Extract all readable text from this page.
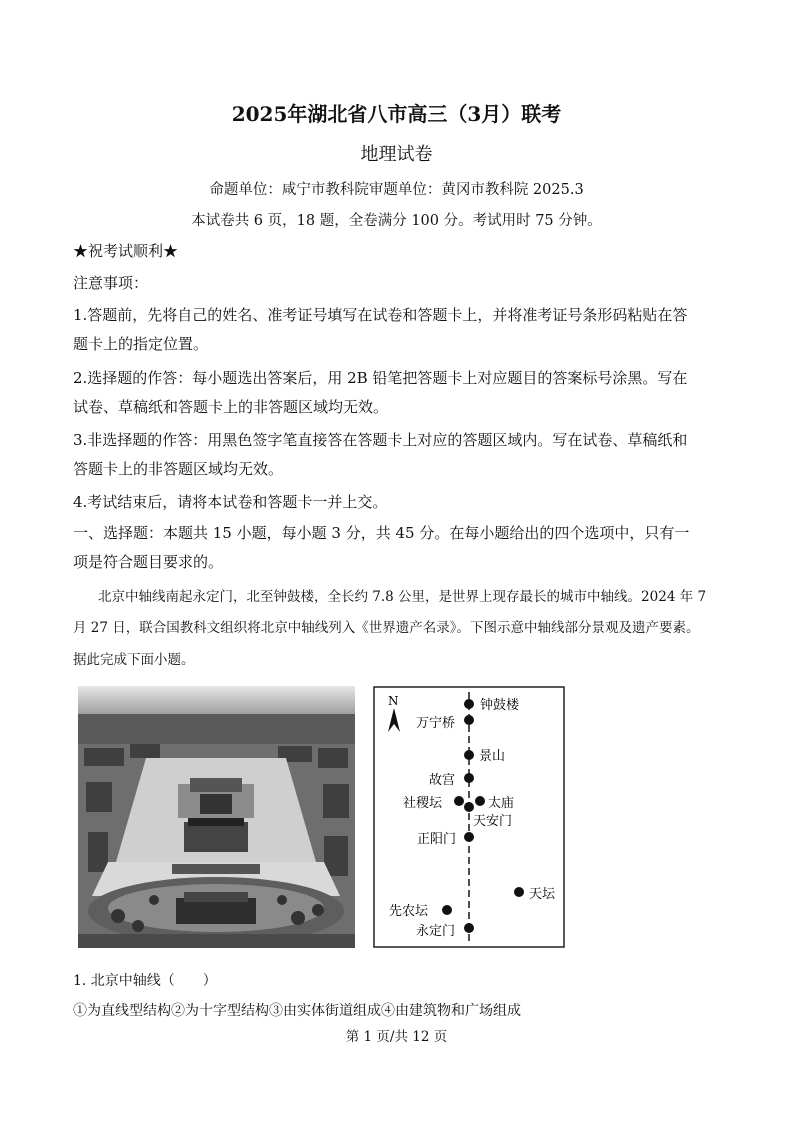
2025年湖北省八市高三（3月）联考
地理试卷
命题单位：咸宁市教科院审题单位：黄冈市教科院 2025.3
本试卷共 6 页，18 题，全卷满分 100 分。考试用时 75 分钟。
★祝考试顺利★
注意事项：
1.答题前，先将自己的姓名、准考证号填写在试卷和答题卡上，并将准考证号条形码粘贴在答
题卡上的指定位置。
2.选择题的作答：每小题选出答案后，用 2B 铅笔把答题卡上对应题目的答案标号涂黑。写在
试卷、草稿纸和答题卡上的非答题区域均无效。
3.非选择题的作答：用黑色签字笔直接答在答题卡上对应的答题区域内。写在试卷、草稿纸和
答题卡上的非答题区域均无效。
4.考试结束后，请将本试卷和答题卡一并上交。
一、选择题：本题共 15 小题，每小题 3 分，共 45 分。在每小题给出的四个选项中，只有一
项是符合题目要求的。
北京中轴线南起永定门，北至钟鼓楼，全长约 7.8 公里，是世界上现存最长的城市中轴线。2024 年 7
月 27 日，联合国教科文组织将北京中轴线列入《世界遗产名录》。下图示意中轴线部分景观及遗产要素。
据此完成下面小题。
N	钟鼓楼
万宁桥
景山
故宫
社稷坛	太庙
天安门
正阳门
天坛
先农坛
永定门
1. 北京中轴线（　　）
①为直线型结构②为十字型结构③由实体街道组成④由建筑物和广场组成
第 1 页/共 12 页
